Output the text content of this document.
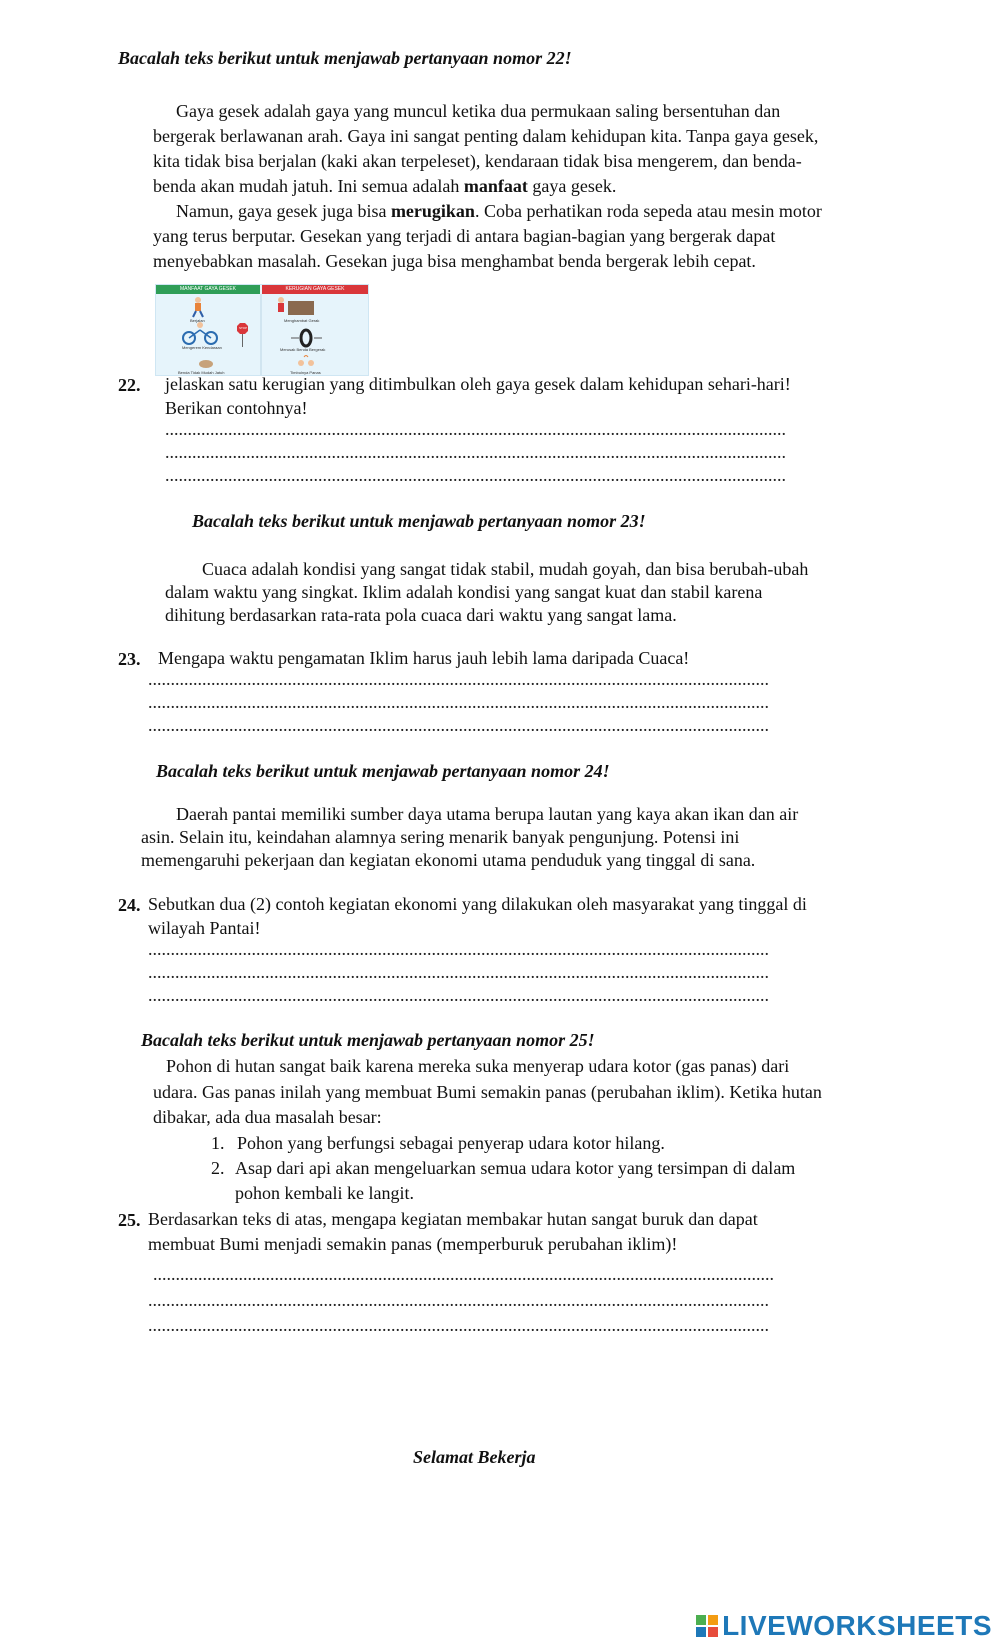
Bacalah teks berikut untuk menjawab pertanyaan nomor 22!
Gaya gesek adalah gaya yang muncul ketika dua permukaan saling bersentuhan dan
bergerak berlawanan arah. Gaya ini sangat penting dalam kehidupan kita. Tanpa gaya gesek,
kita tidak bisa berjalan (kaki akan terpeleset), kendaraan tidak bisa mengerem, dan benda-
benda akan mudah jatuh. Ini semua adalah manfaat gaya gesek.
Namun, gaya gesek juga bisa merugikan. Coba perhatikan roda sepeda atau mesin motor
yang terus berputar. Gesekan yang terjadi di antara bagian-bagian yang bergerak dapat
menyebabkan masalah. Gesekan juga bisa menghambat benda bergerak lebih cepat.
MANFAAT GAYA GESEK	KERUGIAN GAYA GESEK
Berjalan
Mengerem Kendaraan
Benda Tidak Mudah Jatuh
Menghambat Gerak
Merusak Benda Bergerak
Timbulnya Panas
STOP
22. jelaskan satu kerugian yang ditimbulkan oleh gaya gesek dalam kehidupan sehari-hari!
Berikan contohnya!
..........................................................................................................................................
..........................................................................................................................................
..........................................................................................................................................
Bacalah teks berikut untuk menjawab pertanyaan nomor 23!
Cuaca adalah kondisi yang sangat tidak stabil, mudah goyah, dan bisa berubah-ubah
dalam waktu yang singkat. Iklim adalah kondisi yang sangat kuat dan stabil karena
dihitung berdasarkan rata-rata pola cuaca dari waktu yang sangat lama.
23. Mengapa waktu pengamatan Iklim harus jauh lebih lama daripada Cuaca!
..........................................................................................................................................
..........................................................................................................................................
..........................................................................................................................................
Bacalah teks berikut untuk menjawab pertanyaan nomor 24!
Daerah pantai memiliki sumber daya utama berupa lautan yang kaya akan ikan dan air
asin. Selain itu, keindahan alamnya sering menarik banyak pengunjung. Potensi ini
memengaruhi pekerjaan dan kegiatan ekonomi utama penduduk yang tinggal di sana.
24. Sebutkan dua (2) contoh kegiatan ekonomi yang dilakukan oleh masyarakat yang tinggal di
wilayah Pantai!
..........................................................................................................................................
..........................................................................................................................................
..........................................................................................................................................
Bacalah teks berikut untuk menjawab pertanyaan nomor 25!
Pohon di hutan sangat baik karena mereka suka menyerap udara kotor (gas panas) dari
udara. Gas panas inilah yang membuat Bumi semakin panas (perubahan iklim). Ketika hutan
dibakar, ada dua masalah besar:
1. Pohon yang berfungsi sebagai penyerap udara kotor hilang.
2. Asap dari api akan mengeluarkan semua udara kotor yang tersimpan di dalam
pohon kembali ke langit.
25. Berdasarkan teks di atas, mengapa kegiatan membakar hutan sangat buruk dan dapat
membuat Bumi menjadi semakin panas (memperburuk perubahan iklim)!
..........................................................................................................................................
..........................................................................................................................................
..........................................................................................................................................
Selamat Bekerja
LIVEWORKSHEETS
